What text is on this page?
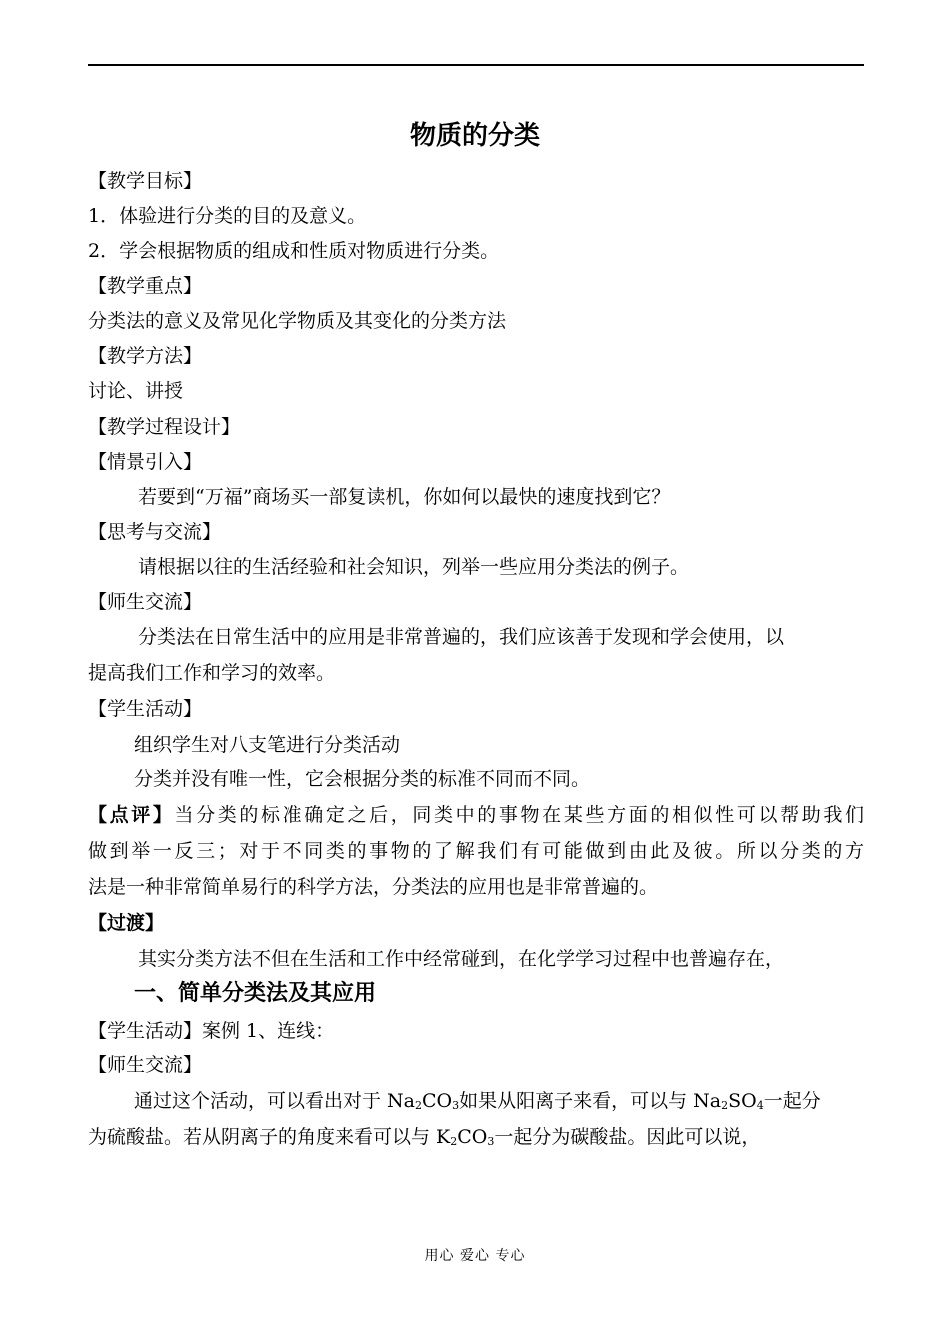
物质的分类
【教学目标】
1．体验进行分类的目的及意义。
2．学会根据物质的组成和性质对物质进行分类。
【教学重点】
分类法的意义及常见化学物质及其变化的分类方法
【教学方法】
讨论、讲授
【教学过程设计】
【情景引入】
若要到“万福”商场买一部复读机，你如何以最快的速度找到它？
【思考与交流】
请根据以往的生活经验和社会知识，列举一些应用分类法的例子。
【师生交流】
分类法在日常生活中的应用是非常普遍的，我们应该善于发现和学会使用，以
提高我们工作和学习的效率。
【学生活动】
组织学生对八支笔进行分类活动
分类并没有唯一性，它会根据分类的标准不同而不同。
【点评】当分类的标准确定之后，同类中的事物在某些方面的相似性可以帮助我们
做到举一反三；对于不同类的事物的了解我们有可能做到由此及彼。所以分类的方
法是一种非常简单易行的科学方法，分类法的应用也是非常普遍的。
【过渡】
其实分类方法不但在生活和工作中经常碰到，在化学学习过程中也普遍存在，
一、简单分类法及其应用
【学生活动】案例 1、连线：
【师生交流】
通过这个活动，可以看出对于 $Na_2CO_3$如果从阳离子来看，可以与 $Na_2SO_4$一起分
为硫酸盐。若从阴离子的角度来看可以与 $K_2CO_3$一起分为碳酸盐。因此可以说，
用心 爱心 专心
